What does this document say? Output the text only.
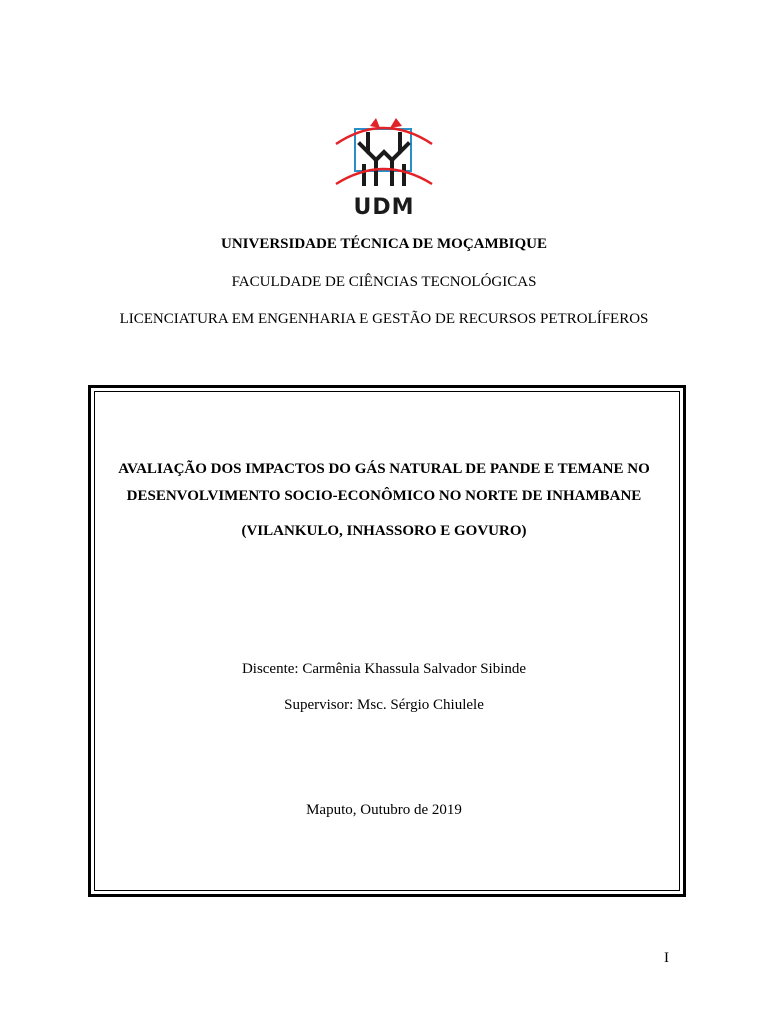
UDM
UNIVERSIDADE TÉCNICA DE MOÇAMBIQUE
FACULDADE DE CIÊNCIAS TECNOLÓGICAS
LICENCIATURA EM ENGENHARIA E GESTÃO DE RECURSOS PETROLÍFEROS
AVALIAÇÃO DOS IMPACTOS DO GÁS NATURAL DE PANDE E TEMANE NO
DESENVOLVIMENTO SOCIO-ECONÔMICO NO NORTE DE INHAMBANE
(VILANKULO, INHASSORO E GOVURO)
Discente: Carmênia Khassula Salvador Sibinde
Supervisor: Msc. Sérgio Chiulele
Maputo, Outubro de 2019
I
